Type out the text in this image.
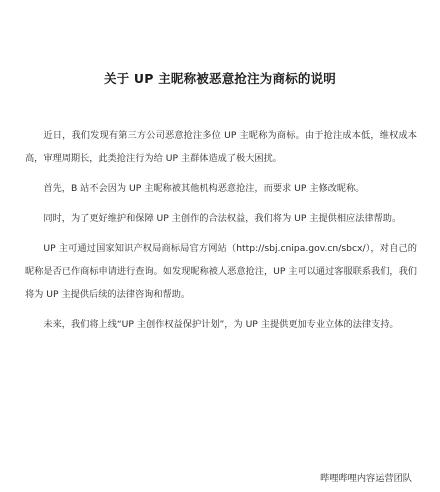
关于 UP 主昵称被恶意抢注为商标的说明

近日，我们发现有第三方公司恶意抢注多位 UP 主昵称为商标。由于抢注成本低，维权成本高，审理周期长，此类抢注行为给 UP 主群体造成了极大困扰。

首先，B 站不会因为 UP 主昵称被其他机构恶意抢注，而要求 UP 主修改昵称。

同时，为了更好维护和保障 UP 主创作的合法权益，我们将为 UP 主提供相应法律帮助。

UP 主可通过国家知识产权局商标局官方网站（http://sbj.cnipa.gov.cn/sbcx/），对自己的昵称是否已作商标申请进行查询。如发现昵称被人恶意抢注，UP 主可以通过客服联系我们，我们将为 UP 主提供后续的法律咨询和帮助。

未来，我们将上线“UP 主创作权益保护计划”，为 UP 主提供更加专业立体的法律支持。

哔哩哔哩内容运营团队
